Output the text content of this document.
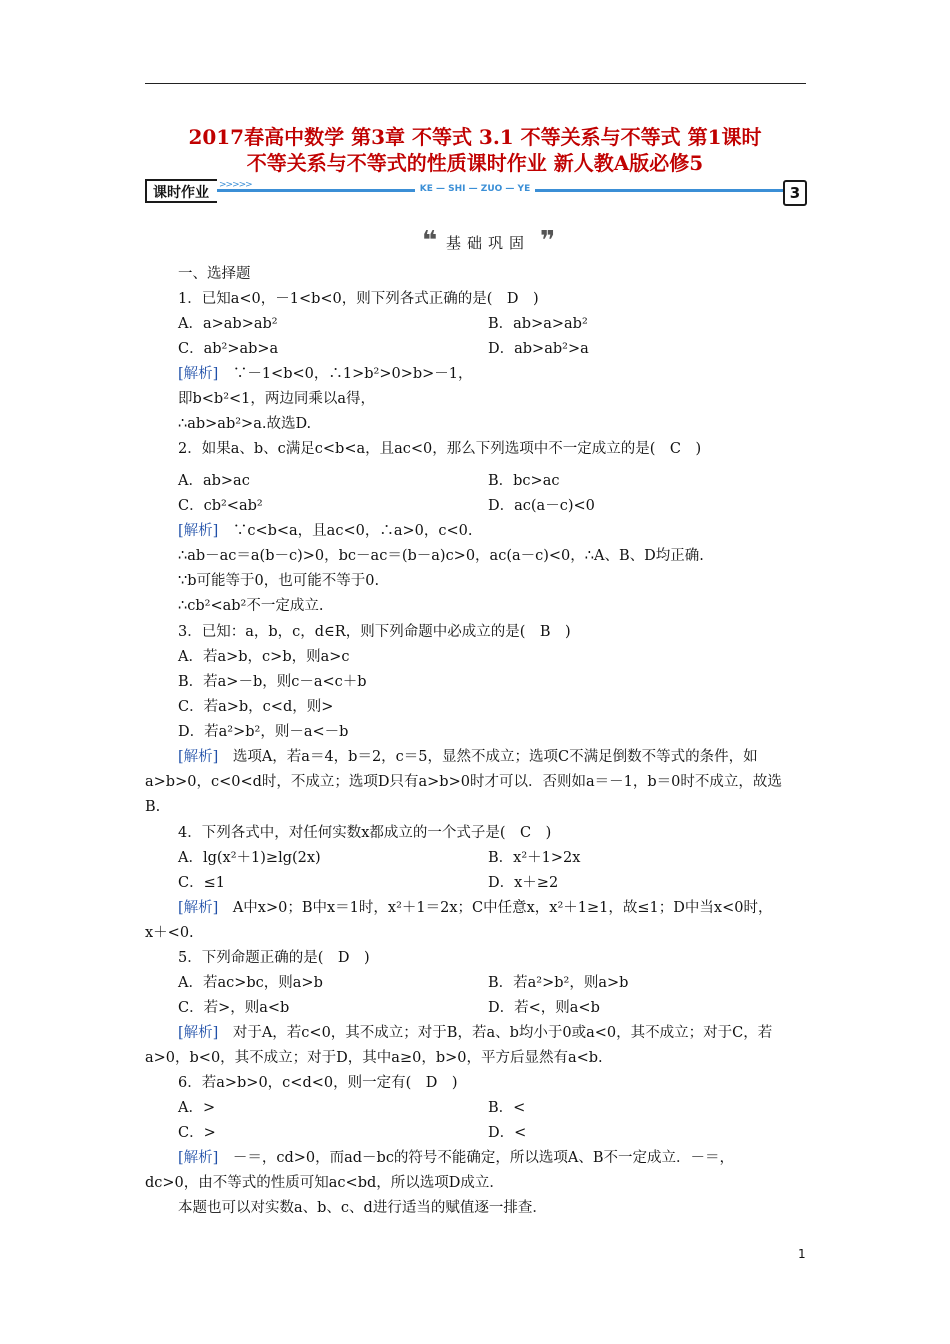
2017春高中数学 第3章 不等式 3.1 不等关系与不等式 第1课时
不等关系与不等式的性质课时作业 新人教A版必修5
课时作业	>>>>>	KE — SHI — ZUO — YE	3
❝ 基础巩固 ❞
一、选择题
1．已知a<0，－1<b<0，则下列各式正确的是(　D　)
A．a>ab>ab²	B．ab>a>ab²
C．ab²>ab>a	D．ab>ab²>a
[解析]　 ∵－1<b<0，∴1>b²>0>b>－1，
即b<b²<1，两边同乘以a得，
∴ab>ab²>a.故选D.
2．如果a、b、c满足c<b<a，且ac<0，那么下列选项中不一定成立的是(　C　)
A．ab>ac	B．bc>ac
C．cb²<ab²	D．ac(a－c)<0
[解析]　 ∵c<b<a，且ac<0，∴a>0，c<0.
∴ab－ac＝a(b－c)>0，bc－ac＝(b－a)c>0，ac(a－c)<0，∴A、B、D均正确.
∵b可能等于0，也可能不等于0.
∴cb²<ab²不一定成立.
3．已知：a，b，c，d∈R，则下列命题中必成立的是(　B　)
A．若a>b，c>b，则a>c
B．若a>－b，则c－a<c＋b
C．若a>b，c<d，则>
D．若a²>b²，则－a<－b
[解析]　 选项A，若a＝4，b＝2，c＝5，显然不成立；选项C不满足倒数不等式的条件，如
a>b>0，c<0<d时，不成立；选项D只有a>b>0时才可以．否则如a＝－1，b＝0时不成立，故选
B.
4．下列各式中，对任何实数x都成立的一个式子是(　C　)
A．lg(x²＋1)≥lg(2x)	B．x²＋1>2x
C．≤1	D．x＋≥2
[解析]　 A中x>0；B中x＝1时，x²＋1＝2x；C中任意x，x²＋1≥1，故≤1；D中当x<0时，
x＋<0.
5．下列命题正确的是(　D　)
A．若ac>bc，则a>b	B．若a²>b²，则a>b
C．若>，则a<b	D．若<，则a<b
[解析]　 对于A，若c<0，其不成立；对于B，若a、b均小于0或a<0，其不成立；对于C，若
a>0，b<0，其不成立；对于D，其中a≥0，b>0，平方后显然有a<b.
6．若a>b>0，c<d<0，则一定有(　D　)
A．>	B．<
C．>	D．<
[解析]　 －＝，cd>0，而ad－bc的符号不能确定，所以选项A、B不一定成立．－＝，
dc>0，由不等式的性质可知ac<bd，所以选项D成立．
本题也可以对实数a、b、c、d进行适当的赋值逐一排查．
1
